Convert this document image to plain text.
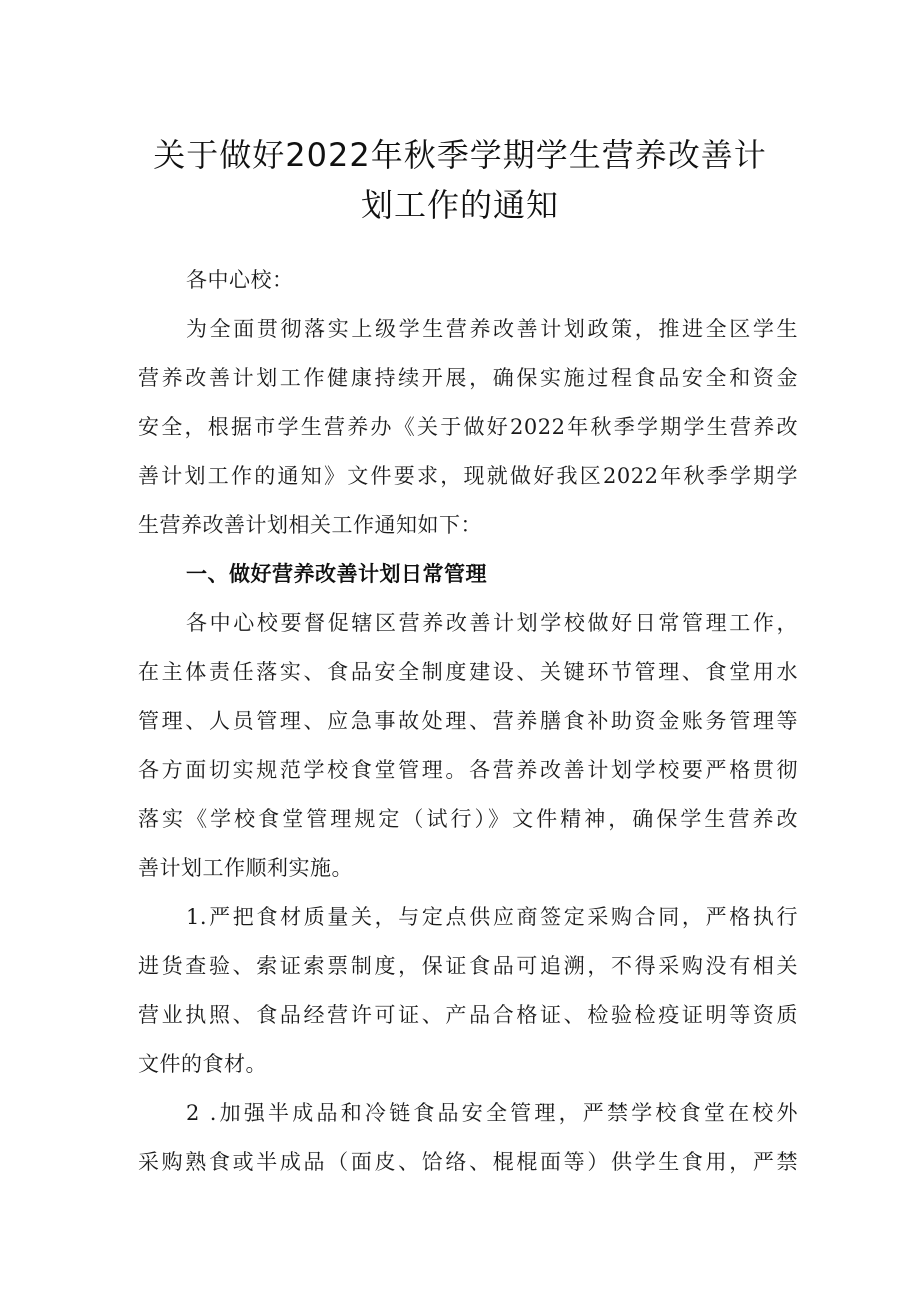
关于做好2022年秋季学期学生营养改善计
划工作的通知

各中心校：

为全面贯彻落实上级学生营养改善计划政策，推进全区学生

营养改善计划工作健康持续开展，确保实施过程食品安全和资金

安全，根据市学生营养办《关于做好2022年秋季学期学生营养改

善计划工作的通知》文件要求，现就做好我区2022年秋季学期学

生营养改善计划相关工作通知如下：

一、做好营养改善计划日常管理

各中心校要督促辖区营养改善计划学校做好日常管理工作，

在主体责任落实、食品安全制度建设、关键环节管理、食堂用水

管理、人员管理、应急事故处理、营养膳食补助资金账务管理等

各方面切实规范学校食堂管理。各营养改善计划学校要严格贯彻

落实《学校食堂管理规定（试行）》文件精神，确保学生营养改

善计划工作顺利实施。

1.严把食材质量关，与定点供应商签定采购合同，严格执行

进货查验、索证索票制度，保证食品可追溯，不得采购没有相关

营业执照、食品经营许可证、产品合格证、检验检疫证明等资质

文件的食材。

2 .加强半成品和冷链食品安全管理，严禁学校食堂在校外

采购熟食或半成品（面皮、饸络、棍棍面等）供学生食用，严禁
